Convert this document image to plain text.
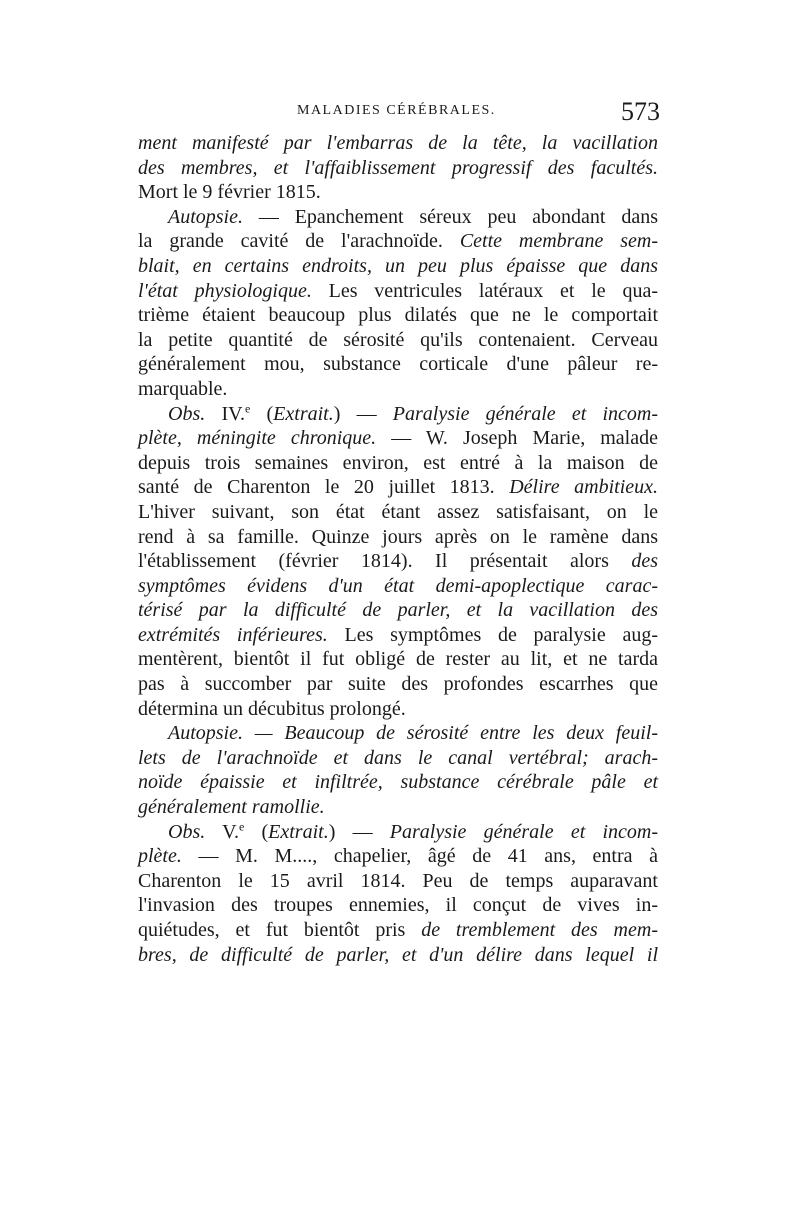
MALADIES CÉRÉBRALES.	573
ment manifesté par l'embarras de la tête, la vacillation
des membres, et l'affaiblissement progressif des facultés.
Mort le 9 février 1815.
Autopsie. — Epanchement séreux peu abondant dans
la grande cavité de l'arachnoïde. Cette membrane sem-
blait, en certains endroits, un peu plus épaisse que dans
l'état physiologique. Les ventricules latéraux et le qua-
trième étaient beaucoup plus dilatés que ne le comportait
la petite quantité de sérosité qu'ils contenaient. Cerveau
généralement mou, substance corticale d'une pâleur re-
marquable.
Obs. IV.$^e$ (Extrait.) — Paralysie générale et incom-
plète, méningite chronique. — W. Joseph Marie, malade
depuis trois semaines environ, est entré à la maison de
santé de Charenton le 20 juillet 1813. Délire ambitieux.
L'hiver suivant, son état étant assez satisfaisant, on le
rend à sa famille. Quinze jours après on le ramène dans
l'établissement (février 1814). Il présentait alors des
symptômes évidens d'un état demi-apoplectique carac-
térisé par la difficulté de parler, et la vacillation des
extrémités inférieures. Les symptômes de paralysie aug-
mentèrent, bientôt il fut obligé de rester au lit, et ne tarda
pas à succomber par suite des profondes escarrhes que
détermina un décubitus prolongé.
Autopsie. — Beaucoup de sérosité entre les deux feuil-
lets de l'arachnoïde et dans le canal vertébral; arach-
noïde épaissie et infiltrée, substance cérébrale pâle et
généralement ramollie.
Obs. V.$^e$ (Extrait.) — Paralysie générale et incom-
plète. — M. M...., chapelier, âgé de 41 ans, entra à
Charenton le 15 avril 1814. Peu de temps auparavant
l'invasion des troupes ennemies, il conçut de vives in-
quiétudes, et fut bientôt pris de tremblement des mem-
bres, de difficulté de parler, et d'un délire dans lequel il
